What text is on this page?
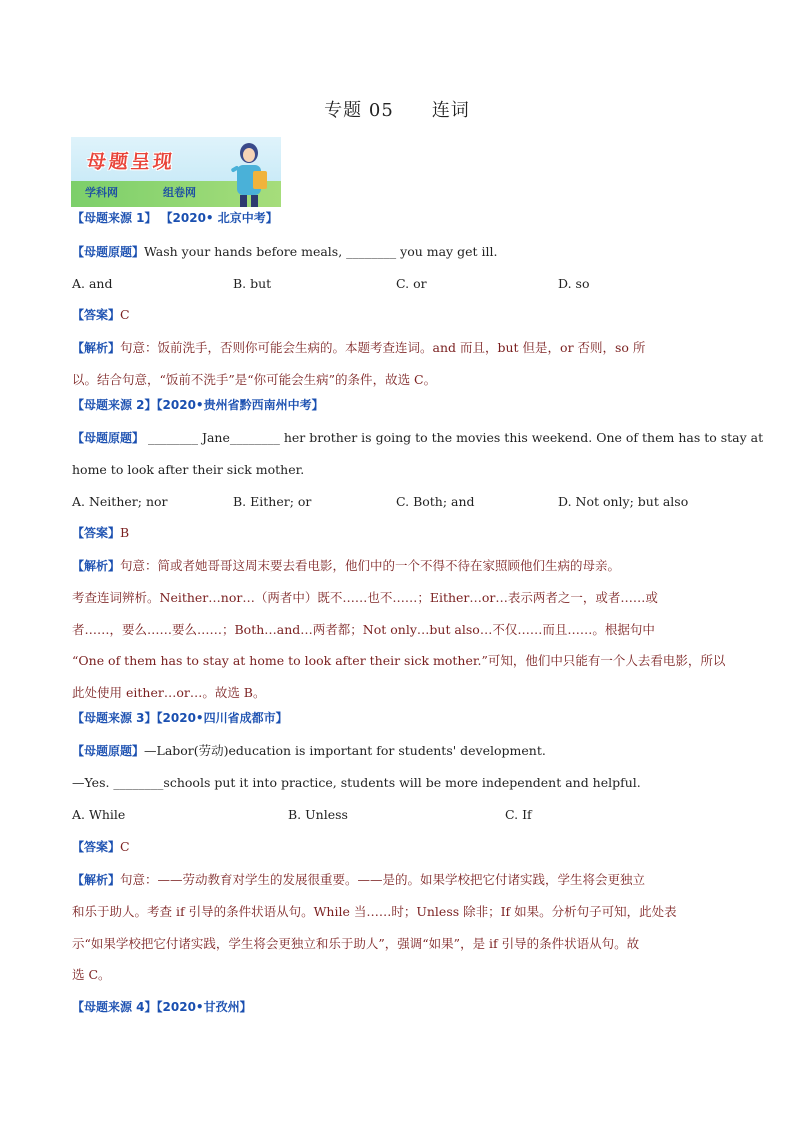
专题 05 连词
母题呈现
学科网	组卷网
【母题来源 1】 【2020• 北京中考】
【母题原题】Wash your hands before meals, ________ you may get ill.
A. and	B. but	C. or	D. so
【答案】C
【解析】句意：饭前洗手，否则你可能会生病的。本题考查连词。and 而且，but 但是，or 否则，so 所
以。结合句意，“饭前不洗手”是“你可能会生病”的条件，故选 C。
【母题来源 2】【2020•贵州省黔西南州中考】
【母题原题】 ________ Jane________ her brother is going to the movies this weekend. One of them has to stay at
home to look after their sick mother.
A. Neither; nor	B. Either; or	C. Both; and	D. Not only; but also
【答案】B
【解析】句意：简或者她哥哥这周末要去看电影，他们中的一个不得不待在家照顾他们生病的母亲。
考查连词辨析。Neither…nor…（两者中）既不……也不……；Either…or…表示两者之一，或者……或
者……，要么……要么……；Both…and…两者都；Not only…but also…不仅……而且……。根据句中
“One of them has to stay at home to look after their sick mother.”可知，他们中只能有一个人去看电影，所以
此处使用 either…or…。故选 B。
【母题来源 3】【2020•四川省成都市】
【母题原题】—Labor(劳动)education is important for students' development.
—Yes. ________schools put it into practice, students will be more independent and helpful.
A. While	B. Unless	C. If
【答案】C
【解析】句意：——劳动教育对学生的发展很重要。——是的。如果学校把它付诸实践，学生将会更独立
和乐于助人。考查 if 引导的条件状语从句。While 当……时；Unless 除非；If 如果。分析句子可知，此处表
示“如果学校把它付诸实践，学生将会更独立和乐于助人”，强调“如果”，是 if 引导的条件状语从句。故
选 C。
【母题来源 4】【2020•甘孜州】
